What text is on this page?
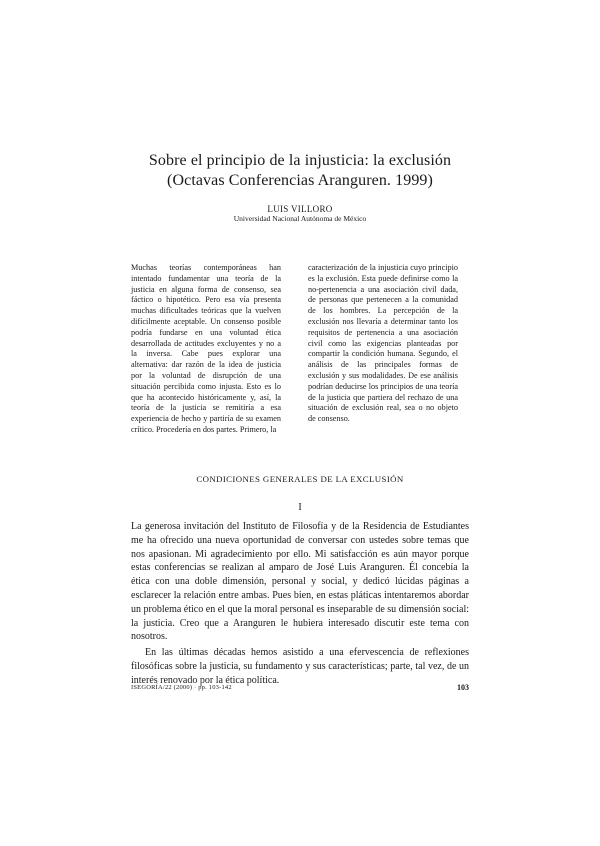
Sobre el principio de la injusticia: la exclusión
(Octavas Conferencias Aranguren. 1999)
LUIS VILLORO
Universidad Nacional Autónoma de México

Muchas teorías contemporáneas han intentado fundamentar una teoría de la justicia en alguna forma de consenso, sea fáctico o hipotético. Pero esa vía presenta muchas dificultades teóricas que la vuelven difícilmente aceptable. Un consenso posible podría fundarse en una voluntad ética desarrollada de actitudes excluyentes y no a la inversa. Cabe pues explorar una alternativa: dar razón de la idea de justicia por la voluntad de disrupción de una situación percibida como injusta. Esto es lo que ha acontecido históricamente y, así, la teoría de la justicia se remitiría a esa experiencia de hecho y partiría de su examen crítico. Procedería en dos partes. Primero, la

caracterización de la injusticia cuyo principio es la exclusión. Esta puede definirse como la no-pertenencia a una asociación civil dada, de personas que pertenecen a la comunidad de los hombres. La percepción de la exclusión nos llevaría a determinar tanto los requisitos de pertenencia a una asociación civil como las exigencias planteadas por compartir la condición humana. Segundo, el análisis de las principales formas de exclusión y sus modalidades. De ese análisis podrían deducirse los principios de una teoría de la justicia que partiera del rechazo de una situación de exclusión real, sea o no objeto de consenso.

CONDICIONES GENERALES DE LA EXCLUSIÓN
I

La generosa invitación del Instituto de Filosofía y de la Residencia de Estudiantes me ha ofrecido una nueva oportunidad de conversar con ustedes sobre temas que nos apasionan. Mi agradecimiento por ello. Mi satisfacción es aún mayor porque estas conferencias se realizan al amparo de José Luis Aranguren. Él concebía la ética con una doble dimensión, personal y social, y dedicó lúcidas páginas a esclarecer la relación entre ambas. Pues bien, en estas pláticas intentaremos abordar un problema ético en el que la moral personal es inseparable de su dimensión social: la justicia. Creo que a Aranguren le hubiera interesado discutir este tema con nosotros.

En las últimas décadas hemos asistido a una efervescencia de reflexiones filosóficas sobre la justicia, su fundamento y sus características; parte, tal vez, de un interés renovado por la ética política.

ISEGORÍA/22 (2000) · pp. 103-142	103
